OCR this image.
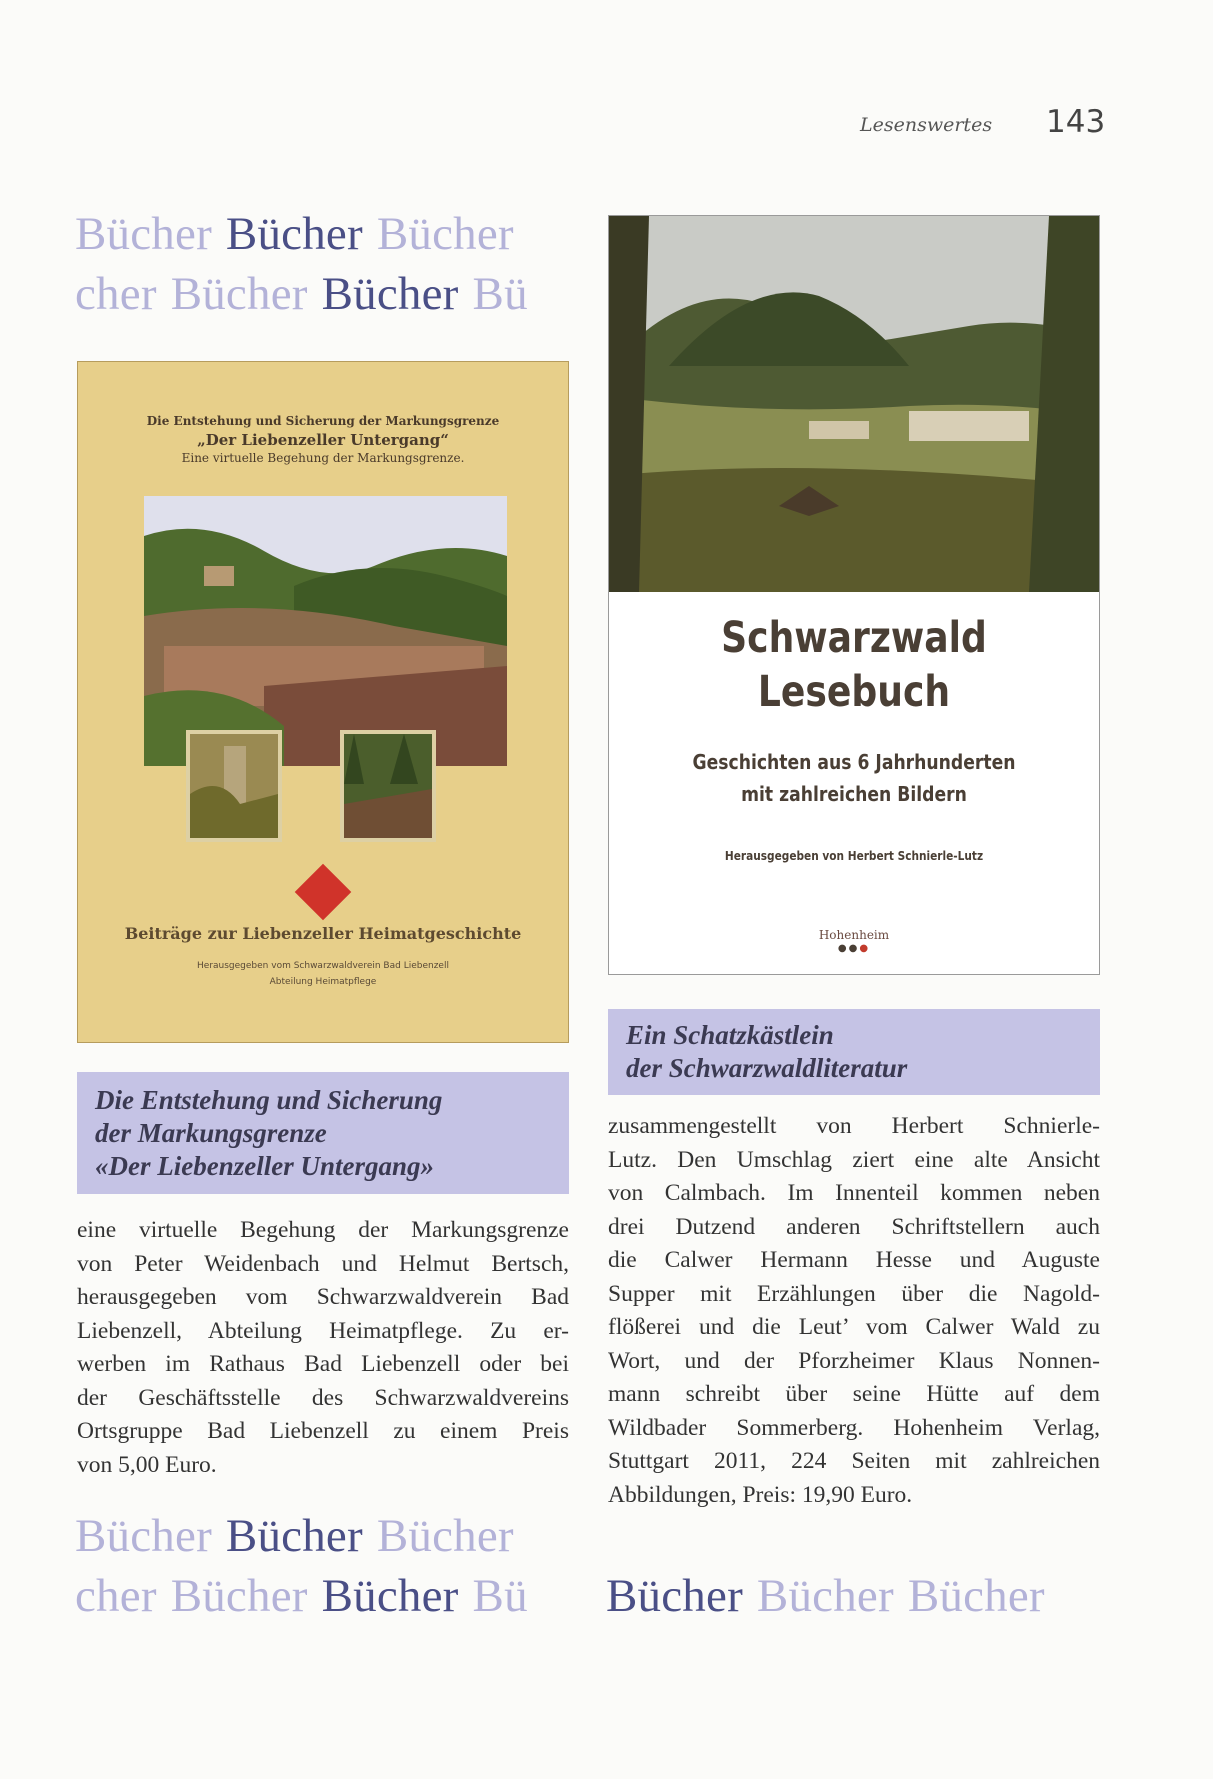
Lesenswertes 143
Bücher Bücher Bücher
cher Bücher Bücher Bü
Die Entstehung und Sicherung der Markungsgrenze
„Der Liebenzeller Untergang“
Eine virtuelle Begehung der Markungsgrenze.
Beiträge zur Liebenzeller Heimatgeschichte
Herausgegeben vom Schwarzwaldverein Bad Liebenzell
Abteilung Heimatpflege
Schwarzwald
Lesebuch
Geschichten aus 6 Jahrhunderten
mit zahlreichen Bildern
Herausgegeben von Herbert Schnierle-Lutz
Hohenheim
●●●
Die Entstehung und Sicherung
der Markungsgrenze
«Der Liebenzeller Untergang»
Ein Schatzkästlein
der Schwarzwaldliteratur
eine virtuelle Begehung der Markungsgrenze
von Peter Weidenbach und Helmut Bertsch,
herausgegeben vom Schwarzwaldverein Bad
Liebenzell, Abteilung Heimatpflege. Zu er-
werben im Rathaus Bad Liebenzell oder bei
der Geschäftsstelle des Schwarzwaldvereins
Ortsgruppe Bad Liebenzell zu einem Preis
von 5,00 Euro.
zusammengestellt von Herbert Schnierle-
Lutz. Den Umschlag ziert eine alte Ansicht
von Calmbach. Im Innenteil kommen neben
drei Dutzend anderen Schriftstellern auch
die Calwer Hermann Hesse und Auguste
Supper mit Erzählungen über die Nagold-
flößerei und die Leut’ vom Calwer Wald zu
Wort, und der Pforzheimer Klaus Nonnen-
mann schreibt über seine Hütte auf dem
Wildbader Sommerberg. Hohenheim Verlag,
Stuttgart 2011, 224 Seiten mit zahlreichen
Abbildungen, Preis: 19,90 Euro.
Bücher Bücher Bücher
cher Bücher Bücher Bü Bücher Bücher Bücher
